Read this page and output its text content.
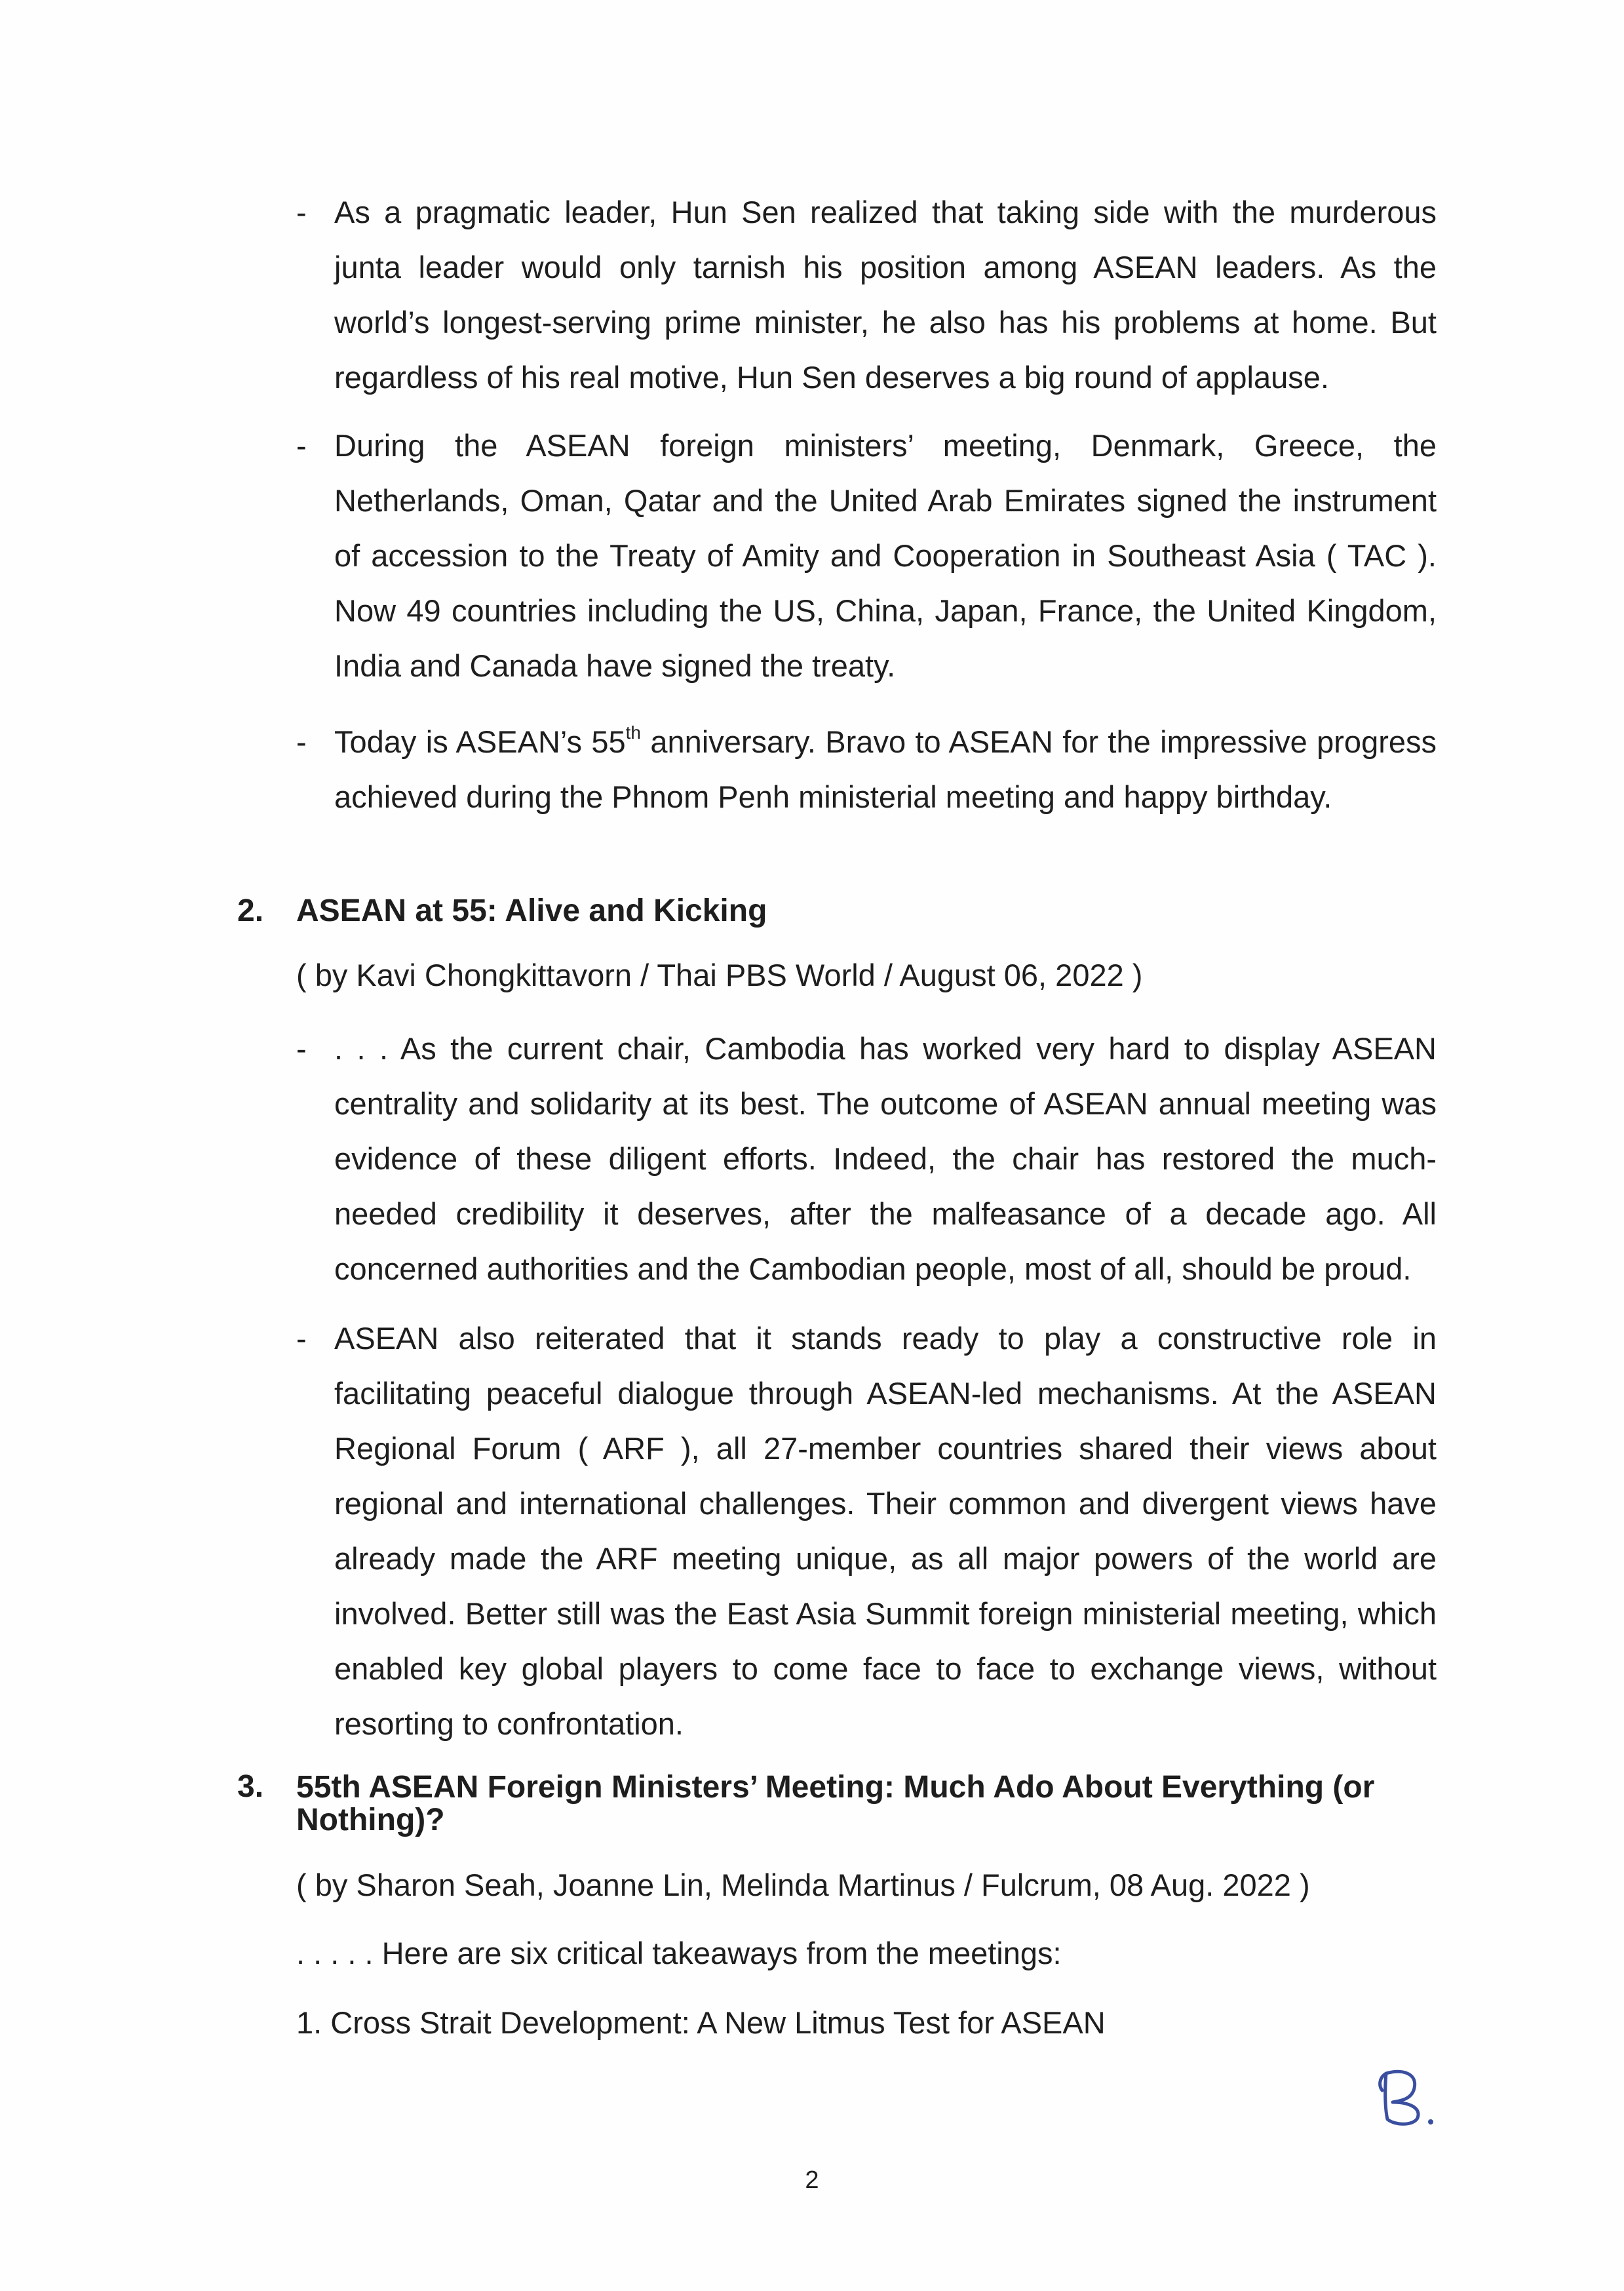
- As a pragmatic leader, Hun Sen realized that taking side with the murderous junta leader would only tarnish his position among ASEAN leaders. As the world’s longest-serving prime minister, he also has his problems at home. But regardless of his real motive, Hun Sen deserves a big round of applause.
- During the ASEAN foreign ministers’ meeting, Denmark, Greece, the Netherlands, Oman, Qatar and the United Arab Emirates signed the instrument of accession to the Treaty of Amity and Cooperation in Southeast Asia ( TAC ). Now 49 countries including the US, China, Japan, France, the United Kingdom, India and Canada have signed the treaty.
- Today is ASEAN’s 55th anniversary. Bravo to ASEAN for the impressive progress achieved during the Phnom Penh ministerial meeting and happy birthday.
2. ASEAN at 55: Alive and Kicking
( by Kavi Chongkittavorn / Thai PBS World / August 06, 2022 )
- . . . As the current chair, Cambodia has worked very hard to display ASEAN centrality and solidarity at its best. The outcome of ASEAN annual meeting was evidence of these diligent efforts. Indeed, the chair has restored the much-needed credibility it deserves, after the malfeasance of a decade ago. All concerned authorities and the Cambodian people, most of all, should be proud.
- ASEAN also reiterated that it stands ready to play a constructive role in facilitating peaceful dialogue through ASEAN-led mechanisms. At the ASEAN Regional Forum ( ARF ), all 27-member countries shared their views about regional and international challenges. Their common and divergent views have already made the ARF meeting unique, as all major powers of the world are involved. Better still was the East Asia Summit foreign ministerial meeting, which enabled key global players to come face to face to exchange views, without resorting to confrontation.
3. 55th ASEAN Foreign Ministers’ Meeting: Much Ado About Everything (or
Nothing)?
( by Sharon Seah, Joanne Lin, Melinda Martinus / Fulcrum, 08 Aug. 2022 )
. . . . . Here are six critical takeaways from the meetings:
1. Cross Strait Development: A New Litmus Test for ASEAN
2
